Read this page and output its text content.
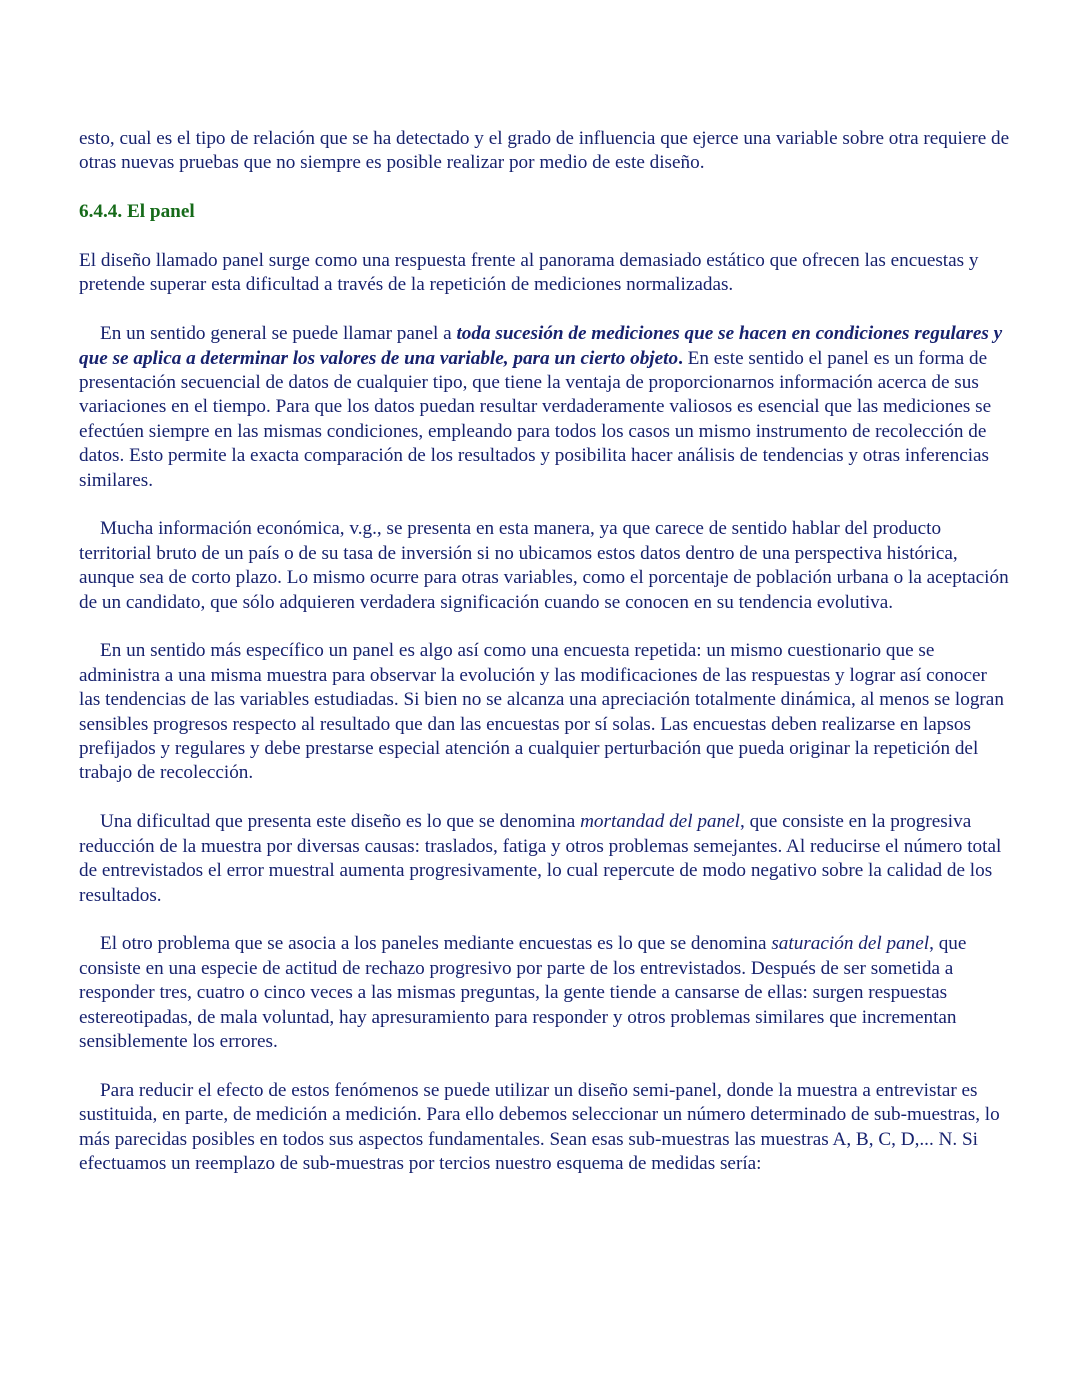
esto, cual es el tipo de relación que se ha detectado y el grado de influencia que ejerce una variable sobre otra requiere de otras nuevas pruebas que no siempre es posible realizar por medio de este diseño.

6.4.4. El panel

El diseño llamado panel surge como una respuesta frente al panorama demasiado estático que ofrecen las encuestas y pretende superar esta dificultad a través de la repetición de mediciones normalizadas.

En un sentido general se puede llamar panel a toda sucesión de mediciones que se hacen en condiciones regulares y que se aplica a determinar los valores de una variable, para un cierto objeto. En este sentido el panel es un forma de presentación secuencial de datos de cualquier tipo, que tiene la ventaja de proporcionarnos información acerca de sus variaciones en el tiempo. Para que los datos puedan resultar verdaderamente valiosos es esencial que las mediciones se efectúen siempre en las mismas condiciones, empleando para todos los casos un mismo instrumento de recolección de datos. Esto permite la exacta comparación de los resultados y posibilita hacer análisis de tendencias y otras inferencias similares.

Mucha información económica, v.g., se presenta en esta manera, ya que carece de sentido hablar del producto territorial bruto de un país o de su tasa de inversión si no ubicamos estos datos dentro de una perspectiva histórica, aunque sea de corto plazo. Lo mismo ocurre para otras variables, como el porcentaje de población urbana o la aceptación de un candidato, que sólo adquieren verdadera significación cuando se conocen en su tendencia evolutiva.

En un sentido más específico un panel es algo así como una encuesta repetida: un mismo cuestionario que se administra a una misma muestra para observar la evolución y las modificaciones de las respuestas y lograr así conocer las tendencias de las variables estudiadas. Si bien no se alcanza una apreciación totalmente dinámica, al menos se logran sensibles progresos respecto al resultado que dan las encuestas por sí solas. Las encuestas deben realizarse en lapsos prefijados y regulares y debe prestarse especial atención a cualquier perturbación que pueda originar la repetición del trabajo de recolección.

Una dificultad que presenta este diseño es lo que se denomina mortandad del panel, que consiste en la progresiva reducción de la muestra por diversas causas: traslados, fatiga y otros problemas semejantes. Al reducirse el número total de entrevistados el error muestral aumenta progresivamente, lo cual repercute de modo negativo sobre la calidad de los resultados.

El otro problema que se asocia a los paneles mediante encuestas es lo que se denomina saturación del panel, que consiste en una especie de actitud de rechazo progresivo por parte de los entrevistados. Después de ser sometida a responder tres, cuatro o cinco veces a las mismas preguntas, la gente tiende a cansarse de ellas: surgen respuestas estereotipadas, de mala voluntad, hay apresuramiento para responder y otros problemas similares que incrementan sensiblemente los errores.

Para reducir el efecto de estos fenómenos se puede utilizar un diseño semi-panel, donde la muestra a entrevistar es sustituida, en parte, de medición a medición. Para ello debemos seleccionar un número determinado de sub-muestras, lo más parecidas posibles en todos sus aspectos fundamentales. Sean esas sub-muestras las muestras A, B, C, D,... N. Si efectuamos un reemplazo de sub-muestras por tercios nuestro esquema de medidas sería:
